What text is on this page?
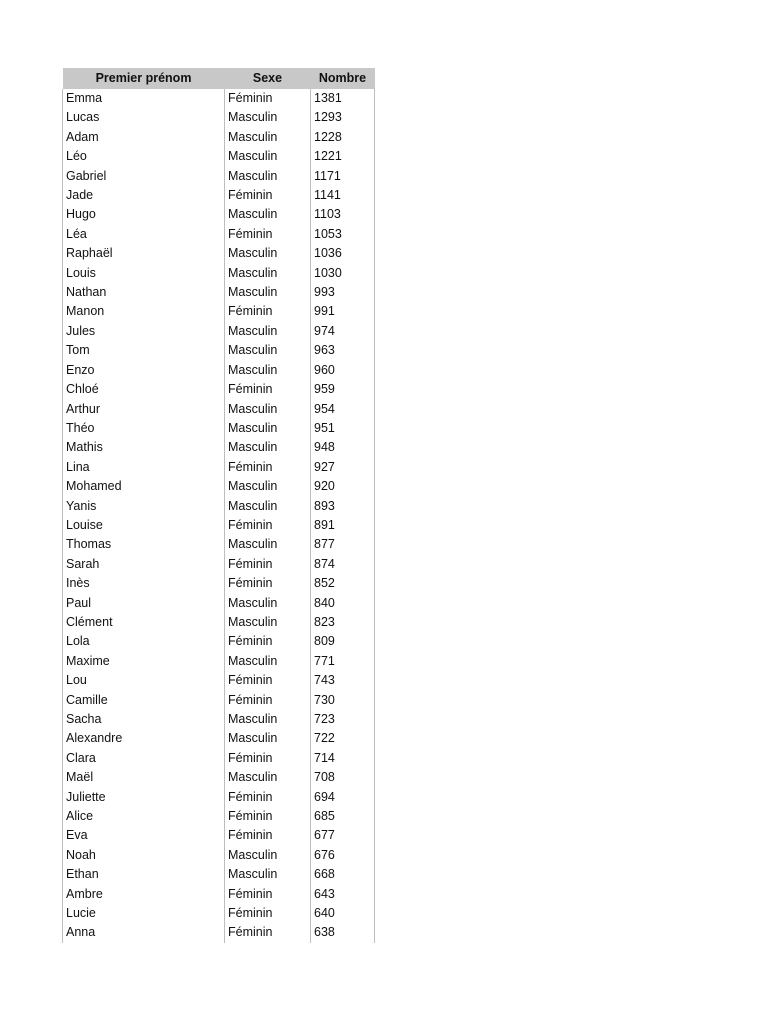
Premier prénom	Sexe	Nombre
Emma	Féminin	1381
Lucas	Masculin	1293
Adam	Masculin	1228
Léo	Masculin	1221
Gabriel	Masculin	1171
Jade	Féminin	1141
Hugo	Masculin	1103
Léa	Féminin	1053
Raphaël	Masculin	1036
Louis	Masculin	1030
Nathan	Masculin	993
Manon	Féminin	991
Jules	Masculin	974
Tom	Masculin	963
Enzo	Masculin	960
Chloé	Féminin	959
Arthur	Masculin	954
Théo	Masculin	951
Mathis	Masculin	948
Lina	Féminin	927
Mohamed	Masculin	920
Yanis	Masculin	893
Louise	Féminin	891
Thomas	Masculin	877
Sarah	Féminin	874
Inès	Féminin	852
Paul	Masculin	840
Clément	Masculin	823
Lola	Féminin	809
Maxime	Masculin	771
Lou	Féminin	743
Camille	Féminin	730
Sacha	Masculin	723
Alexandre	Masculin	722
Clara	Féminin	714
Maël	Masculin	708
Juliette	Féminin	694
Alice	Féminin	685
Eva	Féminin	677
Noah	Masculin	676
Ethan	Masculin	668
Ambre	Féminin	643
Lucie	Féminin	640
Anna	Féminin	638
